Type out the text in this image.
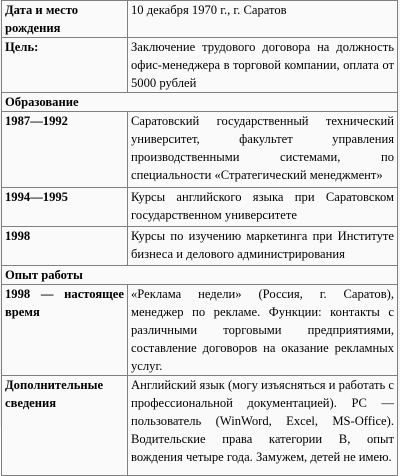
Дата и место рождения	10 декабря 1970 г., г. Саратов
Цель:	Заключение трудового договора на должность офис-менеджера в торговой компании, оплата от 5000 рублей
Образование	
1987—1992	Саратовский государственный технический университет, факультет управления производственными системами, по специальности «Стратегический менеджмент»
1994—1995	Курсы английского языка при Саратовском государственном университете
1998	Курсы по изучению маркетинга при Институте бизнеса и делового администрирования
Опыт работы	
1998 — настоящее время	«Реклама недели» (Россия, г. Саратов), менеджер по рекламе. Функции: контакты с различными торговыми предприятиями, составление договоров на оказание рекламных услуг.
Дополнительные сведения	Английский язык (могу изъясняться и работать с профессиональной документацией). PC — пользователь (WinWord, Excel, MS-Office). Водительские права категории В, опыт вождения четыре года. Замужем, детей не имею.
